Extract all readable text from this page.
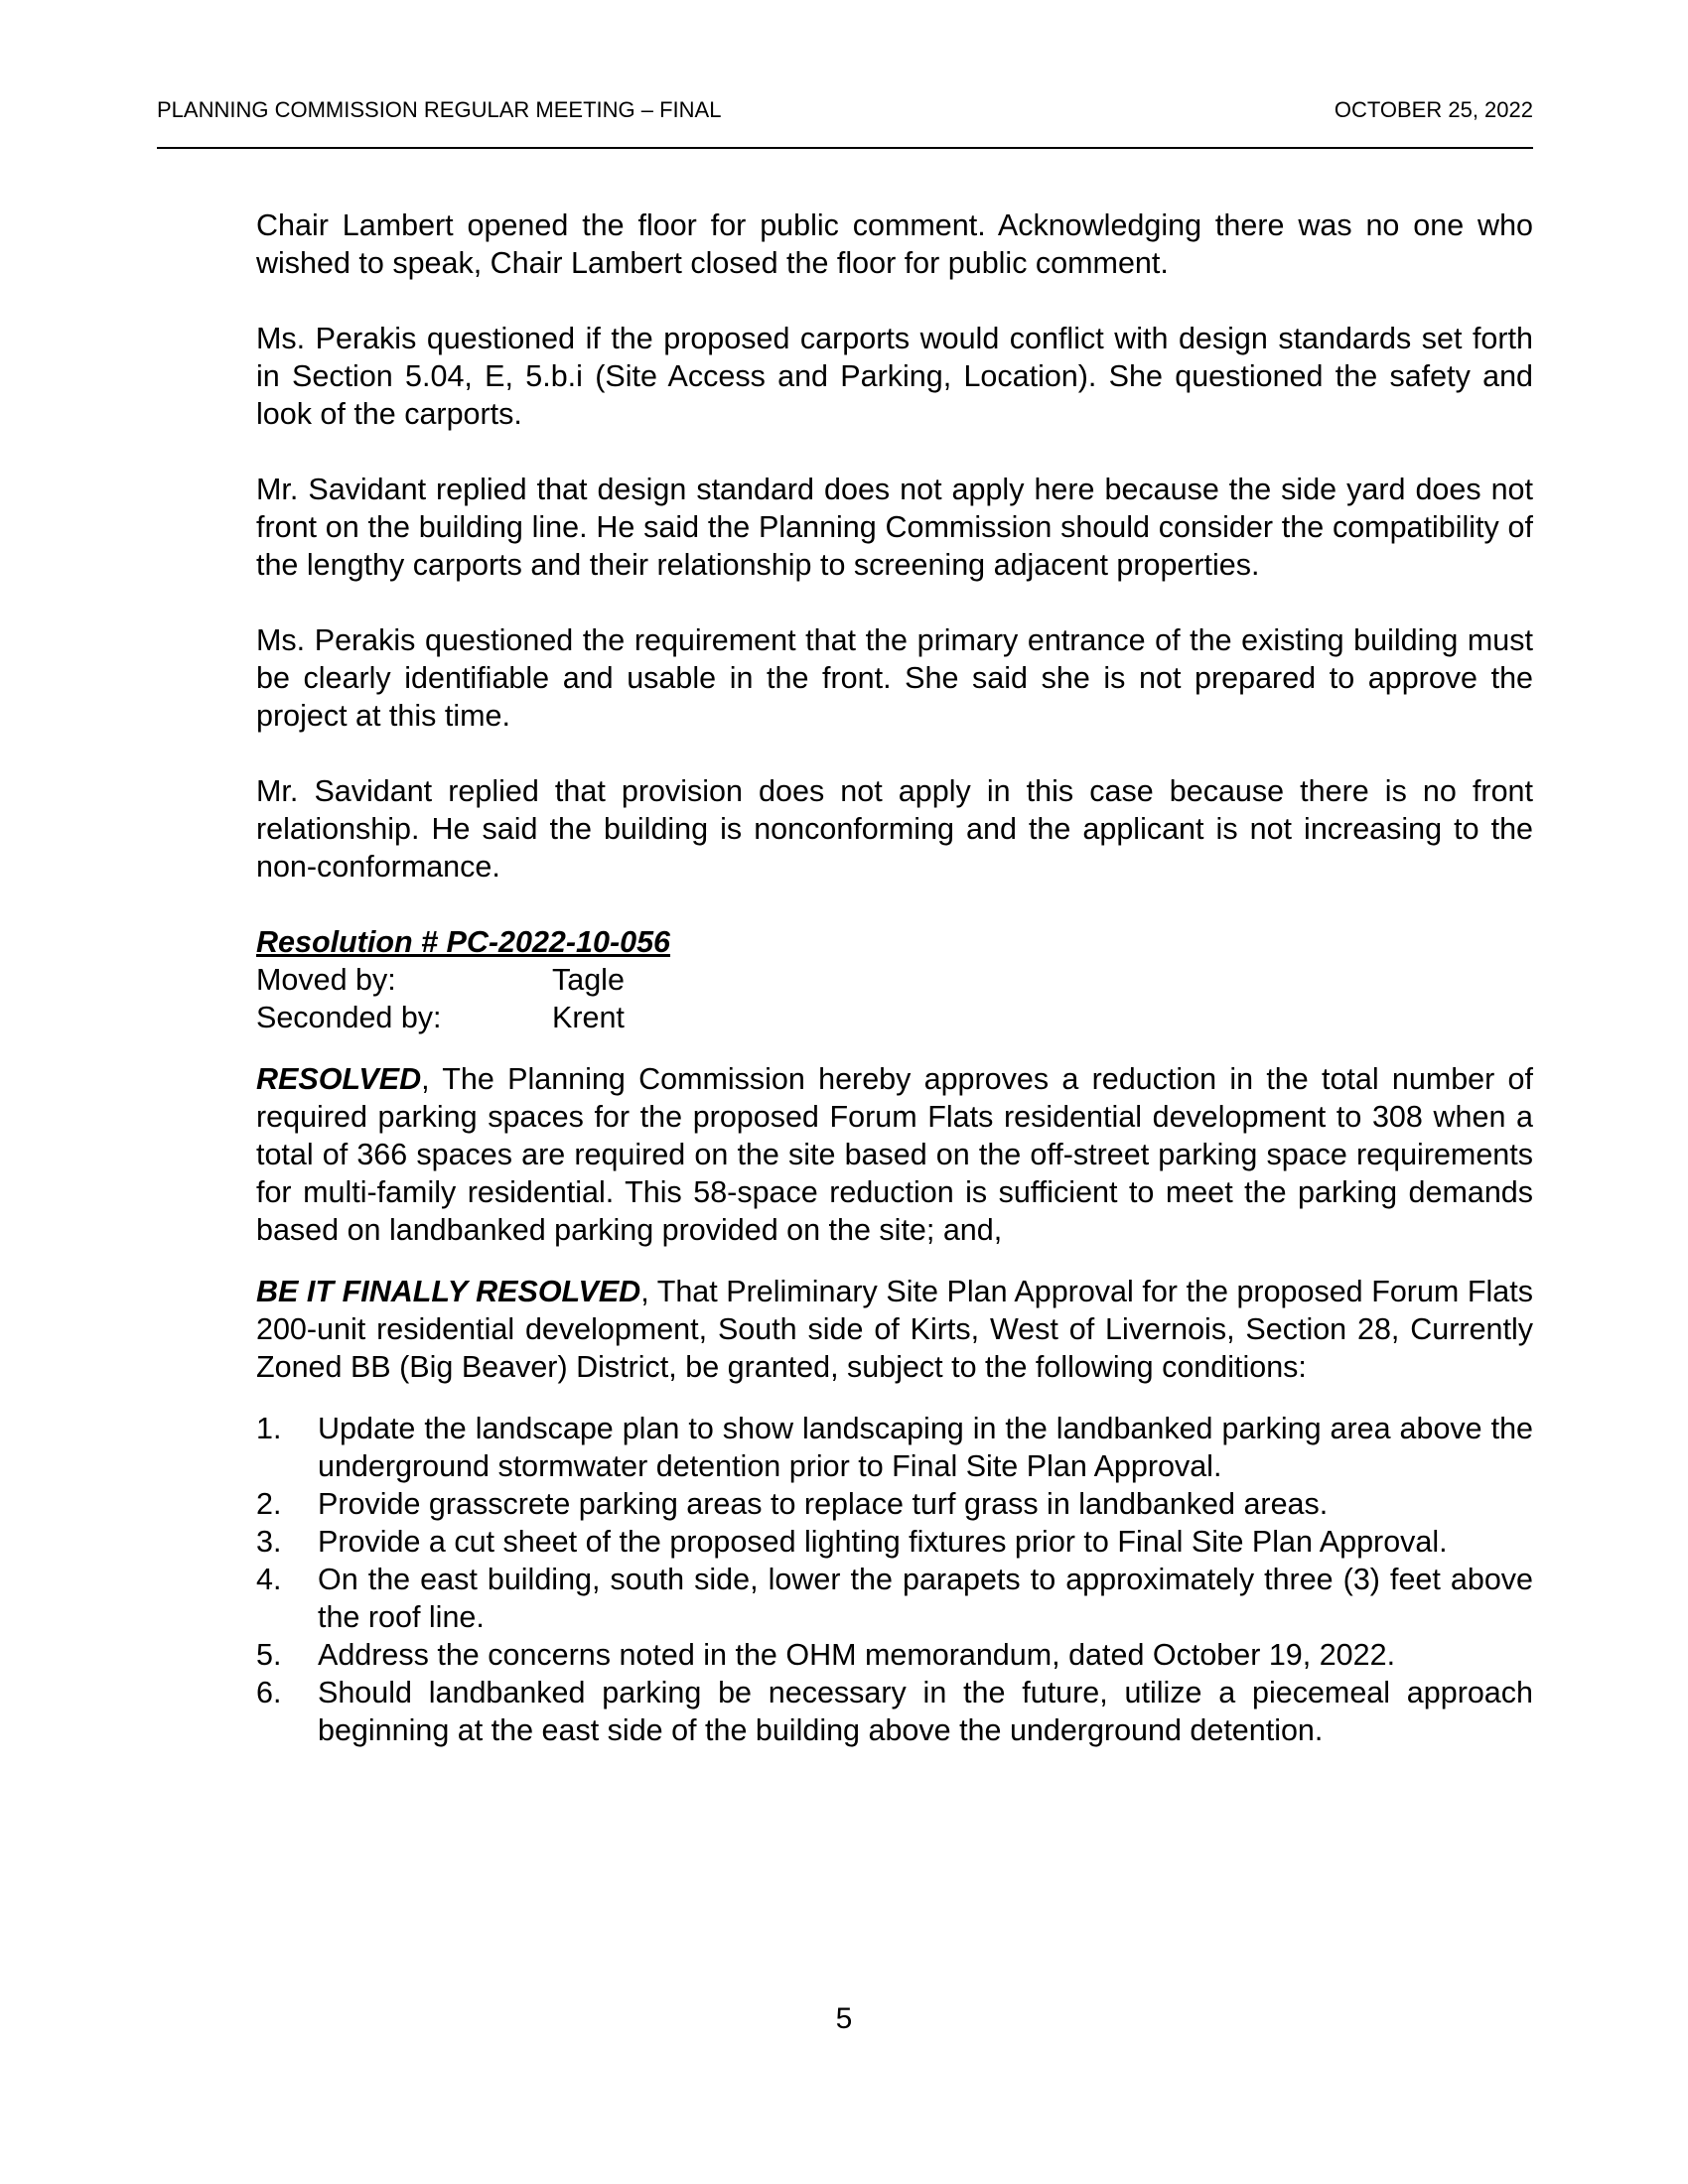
PLANNING COMMISSION REGULAR MEETING – FINAL	OCTOBER 25, 2022

Chair Lambert opened the floor for public comment. Acknowledging there was no one who wished to speak, Chair Lambert closed the floor for public comment.

Ms. Perakis questioned if the proposed carports would conflict with design standards set forth in Section 5.04, E, 5.b.i (Site Access and Parking, Location). She questioned the safety and look of the carports.

Mr. Savidant replied that design standard does not apply here because the side yard does not front on the building line. He said the Planning Commission should consider the compatibility of the lengthy carports and their relationship to screening adjacent properties.

Ms. Perakis questioned the requirement that the primary entrance of the existing building must be clearly identifiable and usable in the front. She said she is not prepared to approve the project at this time.

Mr. Savidant replied that provision does not apply in this case because there is no front relationship. He said the building is nonconforming and the applicant is not increasing to the non-conformance.

Resolution # PC-2022-10-056

Moved by:	Tagle
Seconded by:	Krent

RESOLVED, The Planning Commission hereby approves a reduction in the total number of required parking spaces for the proposed Forum Flats residential development to 308 when a total of 366 spaces are required on the site based on the off-street parking space requirements for multi-family residential. This 58-space reduction is sufficient to meet the parking demands based on landbanked parking provided on the site; and,

BE IT FINALLY RESOLVED, That Preliminary Site Plan Approval for the proposed Forum Flats 200-unit residential development, South side of Kirts, West of Livernois, Section 28, Currently Zoned BB (Big Beaver) District, be granted, subject to the following conditions:

1.	Update the landscape plan to show landscaping in the landbanked parking area above the underground stormwater detention prior to Final Site Plan Approval.
2.	Provide grasscrete parking areas to replace turf grass in landbanked areas.
3.	Provide a cut sheet of the proposed lighting fixtures prior to Final Site Plan Approval.
4.	On the east building, south side, lower the parapets to approximately three (3) feet above the roof line.
5.	Address the concerns noted in the OHM memorandum, dated October 19, 2022.
6.	Should landbanked parking be necessary in the future, utilize a piecemeal approach beginning at the east side of the building above the underground detention.
5
